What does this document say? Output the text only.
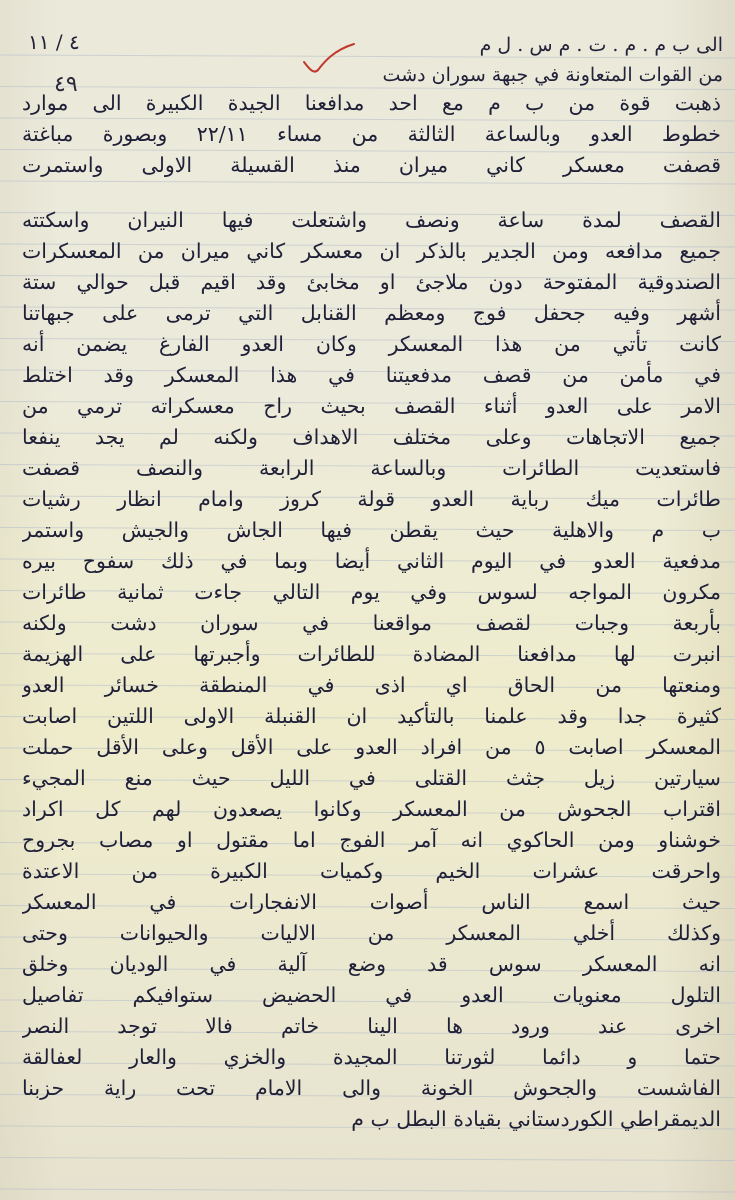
٤ / ١١	الى ب م . م . ت . م س . ل م
من القوات المتعاونة في جبهة سوران دشت
٤٩
ذهبت قوة من ب م مع احد مدافعنا الجيدة الكبيرة الى موارد
خطوط العدو وبالساعة الثالثة من مساء ٢٢/١١ وبصورة مباغتة
قصفت معسكر كاني ميران منذ القسيلة الاولى واستمرت
القصف لمدة ساعة ونصف واشتعلت فيها النيران واسكتته
جميع مدافعه ومن الجدير بالذكر ان معسكر كاني ميران من المعسكرات
الصندوقية المفتوحة دون ملاجئ او مخابئ وقد اقيم قبل حوالي ستة
أشهر وفيه جحفل فوج ومعظم القنابل التي ترمى على جبهاتنا
كانت تأتي من هذا المعسكر وكان العدو الفارغ يضمن أنه
في مأمن من قصف مدفعيتنا في هذا المعسكر وقد اختلط
الامر على العدو أثناء القصف بحيث راح معسكراته ترمي من
جميع الاتجاهات وعلى مختلف الاهداف ولكنه لم يجد ينفعا
فاستعديت الطائرات وبالساعة الرابعة والنصف قصفت
طائرات ميك رباية العدو قولة كروز وامام انظار رشيات
ب م والاهلية حيث يقطن فيها الجاش والجيش واستمر
مدفعية العدو في اليوم الثاني أيضا وبما في ذلك سفوح بيره
مكرون المواجه لسوس وفي يوم التالي جاءت ثمانية طائرات
بأربعة وجبات لقصف مواقعنا في سوران دشت ولكنه
انبرت لها مدافعنا المضادة للطائرات وأجبرتها على الهزيمة
ومنعتها من الحاق اي اذى في المنطقة خسائر العدو
كثيرة جدا وقد علمنا بالتأكيد ان القنبلة الاولى اللتين اصابت
المعسكر اصابت ٥ من افراد العدو على الأقل وعلى الأقل حملت
سيارتين زيل جثث القتلى في الليل حيث منع المجيء
اقتراب الجحوش من المعسكر وكانوا يصعدون لهم كل اكراد
خوشناو ومن الحاكوي انه آمر الفوج اما مقتول او مصاب بجروح
واحرقت عشرات الخيم وكميات الكبيرة من الاعتدة
حيث اسمع الناس أصوات الانفجارات في المعسكر
وكذلك أخلي المعسكر من الاليات والحيوانات وحتى
انه المعسكر سوس قد وضع آلية في الوديان وخلق
التلول معنويات العدو في الحضيض ستوافيكم تفاصيل
اخرى عند ورود ها الينا خاتم فالا توجد النصر
حتما و دائما لثورتنا المجيدة والخزي والعار لعفالقة
الفاشست والجحوش الخونة والى الامام تحت راية حزبنا
الديمقراطي الكوردستاني بقيادة البطل ب م
